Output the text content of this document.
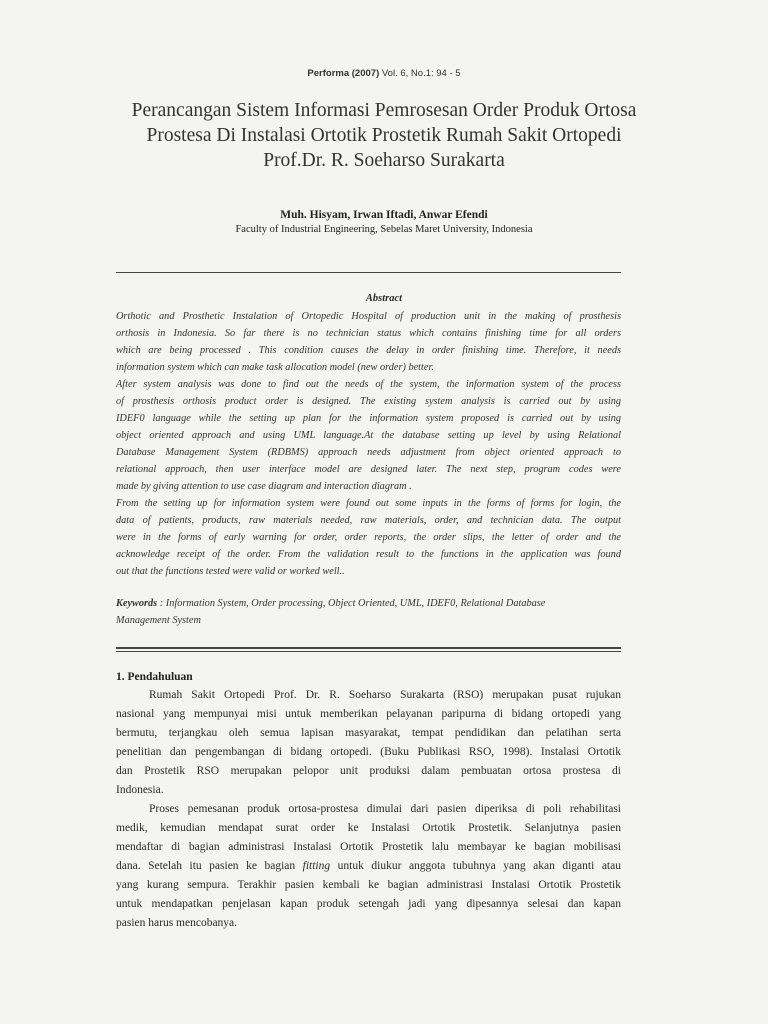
Performa (2007) Vol. 6, No.1: 94 - 5
Perancangan Sistem Informasi Pemrosesan Order Produk Ortosa
Prostesa Di Instalasi Ortotik Prostetik Rumah Sakit Ortopedi
Prof.Dr. R. Soeharso Surakarta
Muh. Hisyam, Irwan Iftadi, Anwar Efendi
Faculty of Industrial Engineering, Sebelas Maret University, Indonesia
Abstract
Orthotic and Prosthetic Instalation of Ortopedic Hospital of production unit in the making of prosthesis
orthosis in Indonesia. So far there is no technician status which contains finishing time for all orders
which are being processed . This condition causes the delay in order finishing time. Therefore, it needs
information system which can make task allocation model (new order) better.
After system analysis was done to find out the needs of the system, the information system of the process
of prosthesis orthosis product order is designed. The existing system analysis is carried out by using
IDEF0 language while the setting up plan for the information system proposed is carried out by using
object oriented approach and using UML language.At the database setting up level by using Relational
Database Management System (RDBMS) approach needs adjustment from object oriented approach to
relational approach, then user interface model are designed later. The next step, program codes were
made by giving attention to use case diagram and interaction diagram .
From the setting up for information system were found out some inputs in the forms of forms for login, the
data of patients, products, raw materials needed, raw materials, order, and technician data. The output
were in the forms of early warning for order, order reports, the order slips, the letter of order and the
acknowledge receipt of the order. From the validation result to the functions in the application was found
out that the functions tested were valid or worked well..
Keywords : Information System, Order processing, Object Oriented, UML, IDEF0, Relational Database
Management System
1. Pendahuluan
Rumah Sakit Ortopedi Prof. Dr. R. Soeharso Surakarta (RSO) merupakan pusat rujukan
nasional yang mempunyai misi untuk memberikan pelayanan paripurna di bidang ortopedi yang
bermutu, terjangkau oleh semua lapisan masyarakat, tempat pendidikan dan pelatihan serta
penelitian dan pengembangan di bidang ortopedi. (Buku Publikasi RSO, 1998). Instalasi Ortotik
dan Prostetik RSO merupakan pelopor unit produksi dalam pembuatan ortosa prostesa di
Indonesia.
Proses pemesanan produk ortosa-prostesa dimulai dari pasien diperiksa di poli rehabilitasi
medik, kemudian mendapat surat order ke Instalasi Ortotik Prostetik. Selanjutnya pasien
mendaftar di bagian administrasi Instalasi Ortotik Prostetik lalu membayar ke bagian mobilisasi
dana. Setelah itu pasien ke bagian fitting untuk diukur anggota tubuhnya yang akan diganti atau
yang kurang sempura. Terakhir pasien kembali ke bagian administrasi Instalasi Ortotik Prostetik
untuk mendapatkan penjelasan kapan produk setengah jadi yang dipesannya selesai dan kapan
pasien harus mencobanya.
